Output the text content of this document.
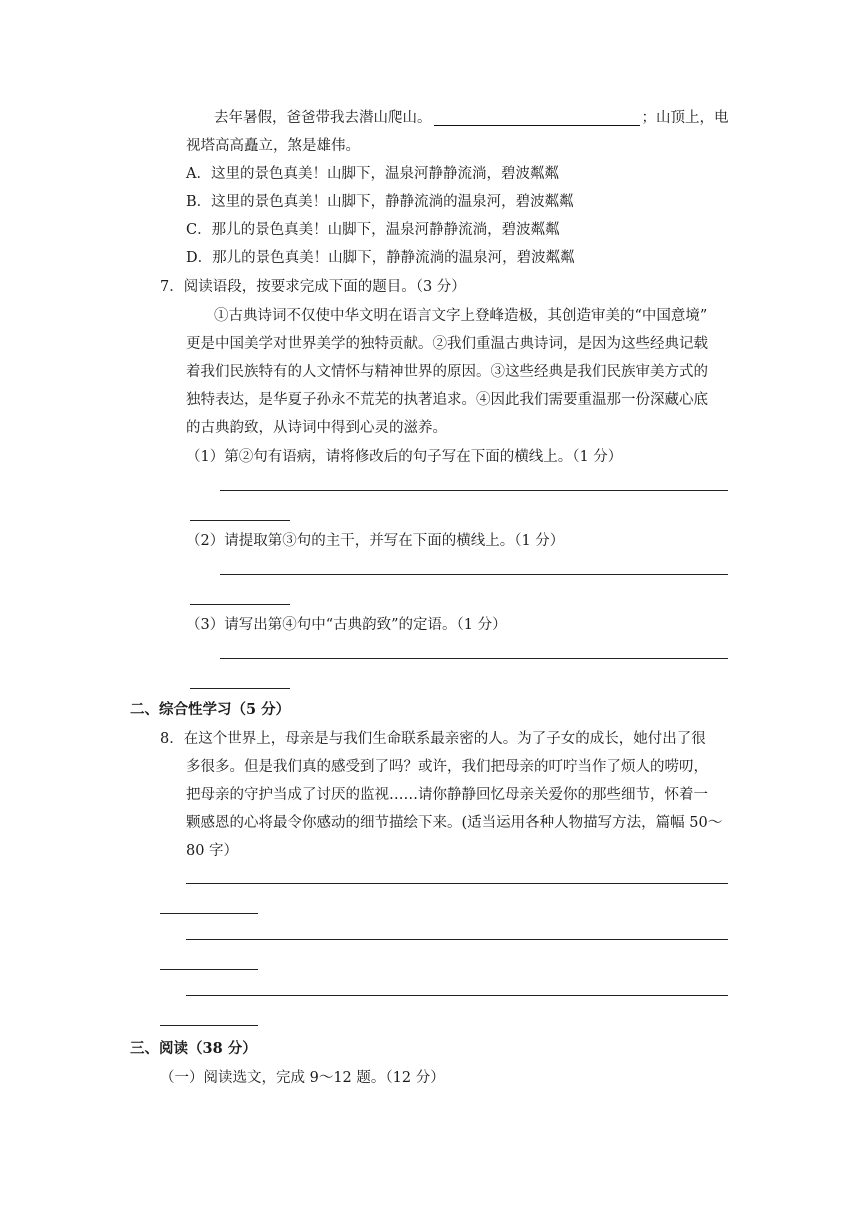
去年暑假，爸爸带我去潜山爬山。	；山顶上，电
视塔高高矗立，煞是雄伟。
A．这里的景色真美！山脚下，温泉河静静流淌，碧波粼粼
B．这里的景色真美！山脚下，静静流淌的温泉河，碧波粼粼
C．那儿的景色真美！山脚下，温泉河静静流淌，碧波粼粼
D．那儿的景色真美！山脚下，静静流淌的温泉河，碧波粼粼
7．阅读语段，按要求完成下面的题目。（3 分）
①古典诗词不仅使中华文明在语言文字上登峰造极，其创造审美的“中国意境”
更是中国美学对世界美学的独特贡献。②我们重温古典诗词，是因为这些经典记载
着我们民族特有的人文情怀与精神世界的原因。③这些经典是我们民族审美方式的
独特表达，是华夏子孙永不荒芜的执著追求。④因此我们需要重温那一份深藏心底
的古典韵致，从诗词中得到心灵的滋养。
（1）第②句有语病，请将修改后的句子写在下面的横线上。（1 分）
（2）请提取第③句的主干，并写在下面的横线上。（1 分）
（3）请写出第④句中“古典韵致”的定语。（1 分）
二、综合性学习（5 分）
8．在这个世界上，母亲是与我们生命联系最亲密的人。为了子女的成长，她付出了很
多很多。但是我们真的感受到了吗？或许，我们把母亲的叮咛当作了烦人的唠叨，
把母亲的守护当成了讨厌的监视……请你静静回忆母亲关爱你的那些细节，怀着一
颗感恩的心将最令你感动的细节描绘下来。(适当运用各种人物描写方法，篇幅 50～
80 字）
三、阅读（38 分）
（一）阅读选文，完成 9～12 题。（12 分）
